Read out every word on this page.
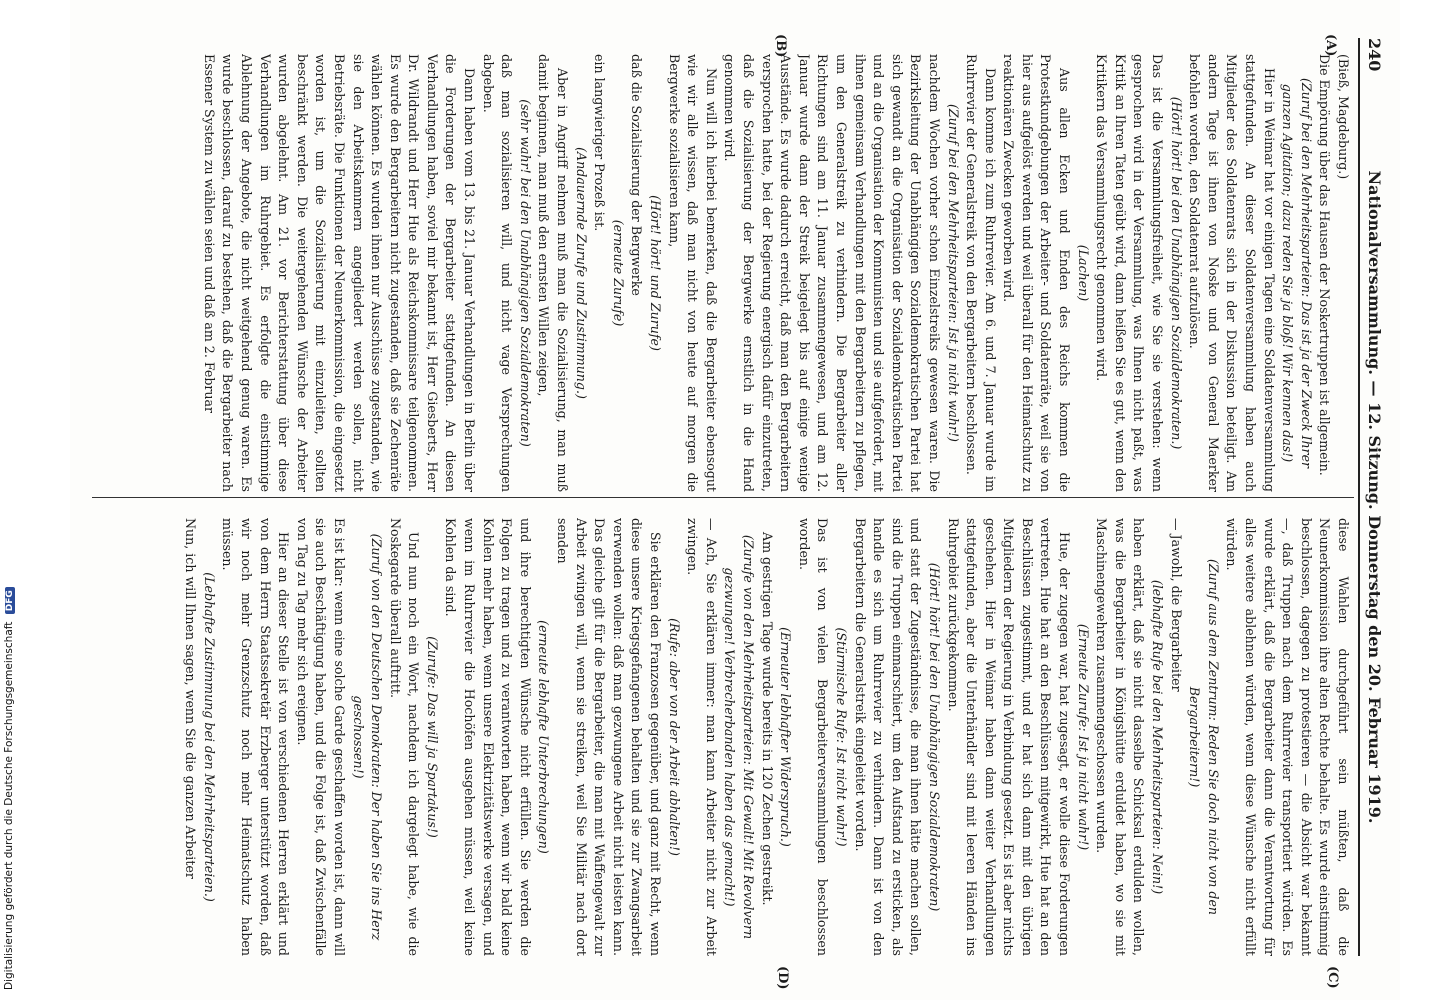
240
Nationalversammlung. — 12. Sitzung. Donnerstag den 20. Februar 1919.
(A)
(B)
(C)
(D)

(Bieß, Magdeburg.)

Die Empörung über das Hausen der Noskertruppen ist allgemein.

(Zuruf bei den Mehrheitsparteien: Das ist ja der Zweck Ihrer ganzen Agitation; dazu reden Sie ja bloß! Wir kennen das!)

Hier in Weimar hat vor einigen Tagen eine Soldatenversammlung stattgefunden. An dieser Soldatenversammlung haben auch Mitglieder des Soldatenrats sich in der Diskussion beteiligt. Am andern Tage ist ihnen von Noske und von General Maerker befohlen worden, den Soldatenrat aufzulösen.

(Hört! hört! bei den Unabhängigen Sozialdemokraten.)

Das ist die Versammlungsfreiheit, wie Sie sie verstehen: wenn gesprochen wird in der Versammlung, was Ihnen nicht paßt, was Kritik an Ihren Taten geübt wird, dann heißen Sie es gut, wenn den Kritikern das Versammlungsrecht genommen wird.

(Lachen)

Aus allen Ecken und Enden des Reichs kommen die Protestkundgebungen der Arbeiter- und Soldatenräte, weil sie von hier aus aufgelöst werden und weil überall für den Heimatschutz zu reaktionären Zwecken geworben wird.

Dann komme ich zum Ruhrrevier. Am 6. und 7. Januar wurde im Ruhrrevier der Generalstreik von den Bergarbeitern beschlossen.

(Zuruf bei den Mehrheitsparteien: Ist ja nicht wahr!)

nachdem Wochen vorher schon Einzelstreiks gewesen waren. Die Bezirksleitung der Unabhängigen Sozialdemokratischen Partei hat sich gewandt an die Organisation der Sozialdemokratischen Partei und an die Organisation der Kommunisten und sie aufgefordert, mit ihnen gemeinsam Verhandlungen mit den Bergarbeitern zu pflegen, um den Generalstreik zu verhindern. Die Bergarbeiter aller Richtungen sind am 11. Januar zusammengewesen, und am 12. Januar wurde dann der Streik beigelegt bis auf einige wenige Ausstände. Es wurde dadurch erreicht, daß man den Bergarbeitern versprochen hatte, bei der Regierung energisch dafür einzutreten, daß die Sozialisierung der Bergwerke ernstlich in die Hand genommen wird.

Nun will ich hierbei bemerken, daß die Bergarbeiter ebensogut wie wir alle wissen, daß man nicht von heute auf morgen die Bergwerke sozialisieren kann,

(Hört! hört! und Zurufe)

daß die Sozialisierung der Bergwerke

(erneute Zurufe)

ein langwieriger Prozeß ist.

(Andauernde Zurufe und Zustimmung.)

Aber in Angriff nehmen muß man die Sozialisierung, man muß damit beginnen, man muß den ernsten Willen zeigen,

(sehr wahr! bei den Unabhängigen Sozialdemokraten)

daß man sozialisieren will, und nicht vage Versprechungen abgeben.

Dann haben vom 13. bis 21. Januar Verhandlungen in Berlin über die Forderungen der Bergarbeiter stattgefunden. An diesen Verhandlungen haben, soviel mir bekannt ist, Herr Giesberts, Herr Dr. Wildrandt und Herr Hue als Reichskommissare teilgenommen. Es wurde den Bergarbeitern nicht zugestanden, daß sie Zechenräte wählen können. Es wurden ihnen nur Ausschüsse zugestanden, wie sie den Arbeitskammern angegliedert werden sollen, nicht Betriebsräte. Die Funktionen der Neunerkommission, die eingesetzt worden ist, um die Sozialisierung mit einzuleiten, sollten beschränkt werden. Die weitergehenden Wünsche der Arbeiter wurden abgelehnt. Am 21. vor Berichterstattung über diese Verhandlungen im Ruhrgebiet. Es erfolgte die einstimmige Ablehnung der Angebote, die nicht weitgehend genug waren. Es wurde beschlossen, darauf zu bestehen, daß die Bergarbeiter nach Essener System zu wählen seien und daß am 2. Februar

diese Wahlen durchgeführt sein müßten, daß die Neunerkommission ihre alten Rechte behalte. Es wurde einstimmig beschlossen, dagegen zu protestieren — die Absicht war bekannt —, daß Truppen nach dem Ruhrrevier transportiert würden. Es wurde erklärt, daß die Bergarbeiter dann die Verantwortung für alles weitere ablehnen würden, wenn diese Wünsche nicht erfüllt würden.

(Zuruf aus dem Zentrum: Reden Sie doch nicht von den Bergarbeitern!)

— Jawohl, die Bergarbeiter

(lebhafte Rufe bei den Mehrheitsparteien: Nein!)

haben erklärt, daß sie nicht dasselbe Schicksal erdulden wollen, was die Bergarbeiter in Königshütte erduldet haben, wo sie mit Maschinengewehren zusammengeschossen wurden.

(Erneute Zurufe: Ist ja nicht wahr!)

Hue, der zugegen war, hat zugesagt, er wolle diese Forderungen vertreten. Hue hat an den Beschlüssen mitgewirkt, Hue hat an den Beschlüssen zugestimmt, und er hat sich dann mit den übrigen Mitgliedern der Regierung in Verbindung gesetzt. Es ist aber nichts geschehen. Hier in Weimar haben dann weiter Verhandlungen stattgefunden, aber die Unterhändler sind mit leeren Händen ins Ruhrgebiet zurückgekommen.

(Hört! hört! bei den Unabhängigen Sozialdemokraten)

und statt der Zugeständnisse, die man ihnen hätte machen sollen, sind die Truppen einmarschiert, um den Aufstand zu ersticken, als handle es sich um Ruhrrevier zu verhindern. Dann ist von den Bergarbeitern die Generalstreik eingeleitet worden.

(Stürmische Rufe: Ist nicht wahr!)

Das ist von vielen Bergarbeiterversammlungen beschlossen worden.

(Erneuter lebhafter Widerspruch.)

Am gestrigen Tage wurde bereits in 120 Zechen gestreikt.

(Zurufe von den Mehrheitsparteien: Mit Gewalt! Mit Revolvern gezwungen! Verbrecherbanden haben das gemacht!)

— Ach, Sie erklären immer: man kann Arbeiter nicht zur Arbeit zwingen.

(Rufe: aber von der Arbeit abhalten!)

Sie erklären den Franzosen gegenüber, und ganz mit Recht, wenn diese unsere Kriegsgefangenen behalten und sie zur Zwangsarbeit verwenden wollen: daß man gezwungene Arbeit nicht leisten kann. Das gleiche gilt für die Bergarbeiter, die man mit Waffengewalt zur Arbeit zwingen will, wenn sie streiken, weil Sie Militär nach dort senden

(erneute lebhafte Unterbrechungen)

und ihre berechtigten Wünsche nicht erfüllen. Sie werden die Folgen zu tragen und zu verantworten haben, wenn wir bald keine Kohlen mehr haben, wenn unsere Elektrizitätswerke versagen, und wenn im Ruhrrevier die Hochöfen ausgehen müssen, weil keine Kohlen da sind.

(Zurufe: Das will ja Spartakus!)

Und nun noch ein Wort, nachdem ich dargelegt habe, wie die Noskegarde überall auftritt.

(Zuruf von den Deutschen Demokraten: Der haben Sie ins Herz geschossen!)

Es ist klar: wenn eine solche Garde geschaffen worden ist, dann will sie auch Beschäftigung haben, und die Folge ist, daß Zwischenfälle von Tag zu Tag mehr sich ereignen.

Hier an dieser Stelle ist von verschiedenen Herren erklärt und von dem Herrn Staatssekretär Erzberger unterstützt worden, daß wir noch mehr Grenzschutz noch mehr Heimatschutz haben müssen.

(Lebhafte Zustimmung bei den Mehrheitsparteien.)

Nun, ich will Ihnen sagen, wenn Sie die ganzen Arbeiter

Digitalisierung gefördert durch die Deutsche Forschungsgemeinschaft DFG
